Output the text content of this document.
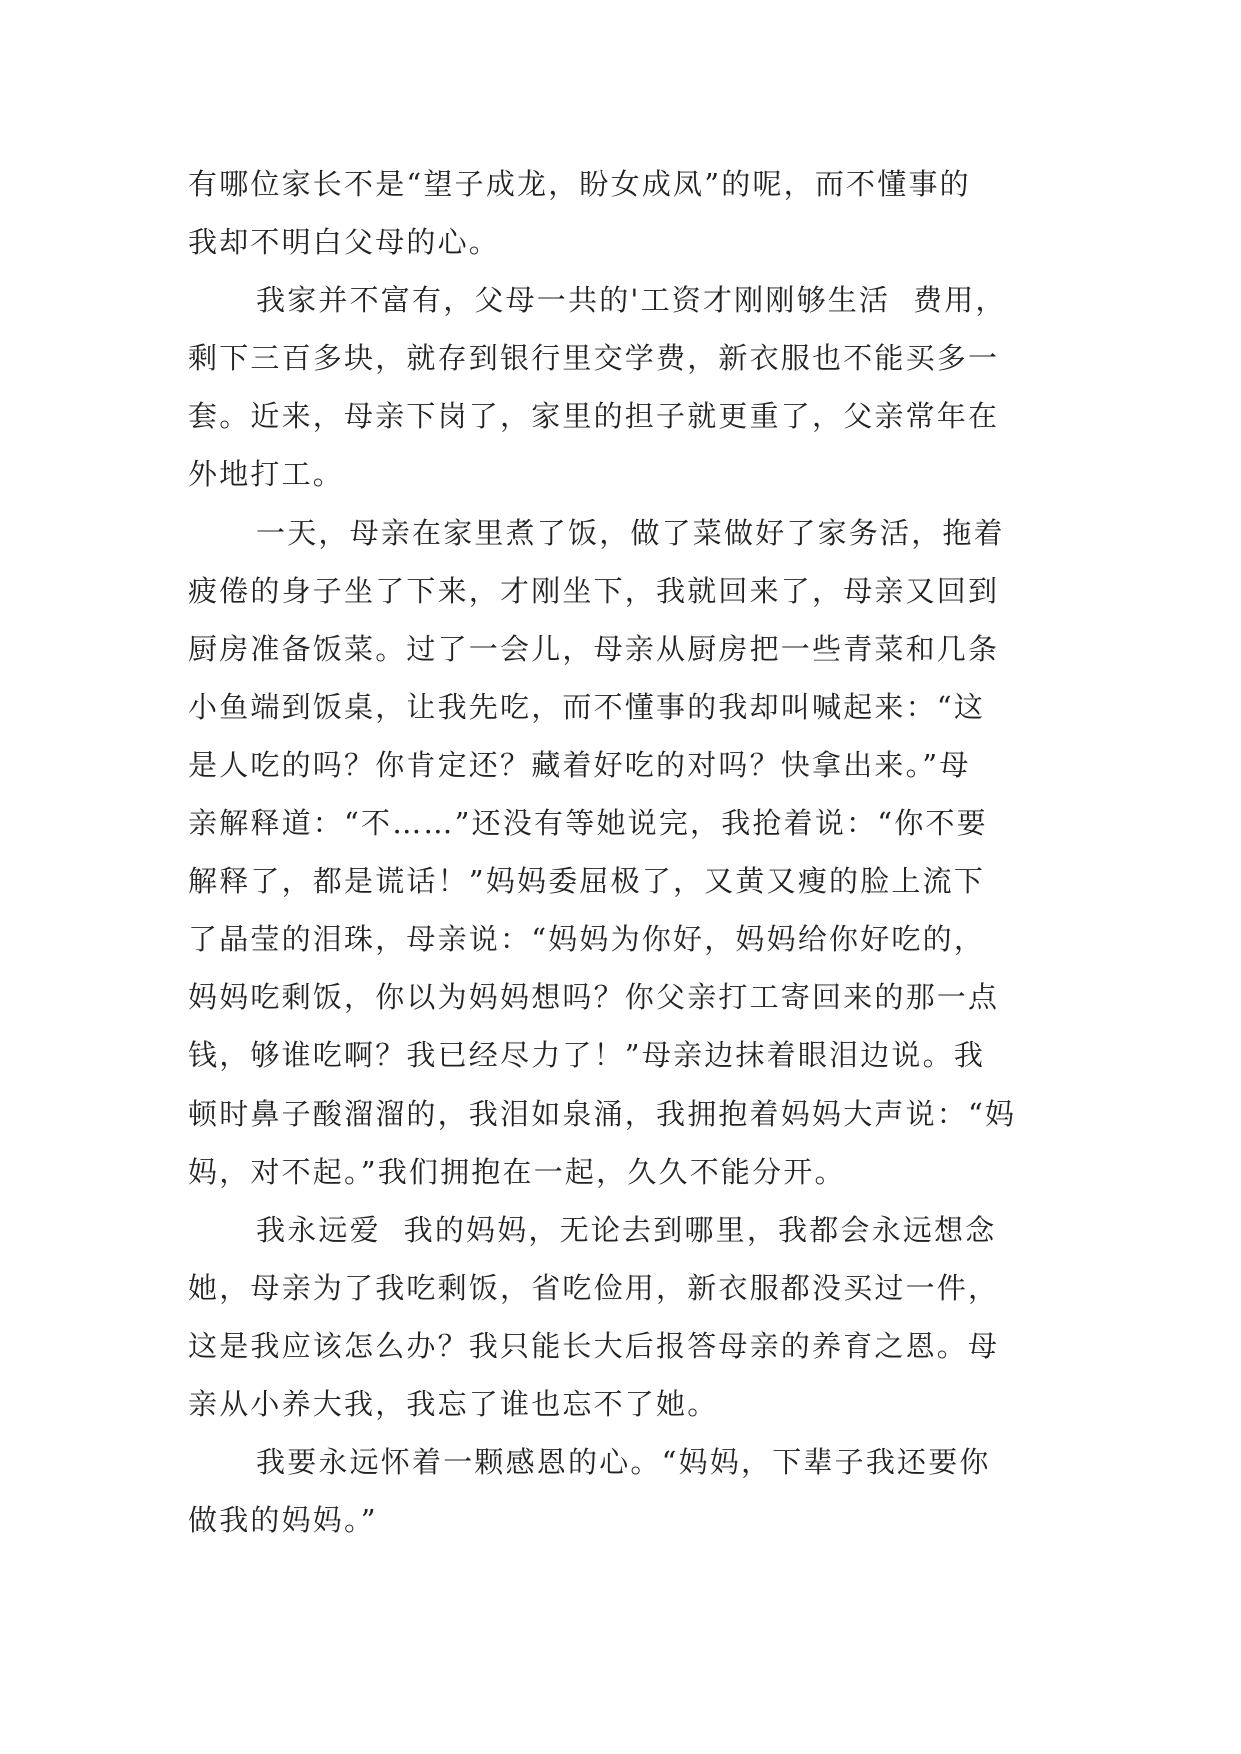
有哪位家长不是“望子成龙，盼女成凤”的呢，而不懂事的
我却不明白父母的心。
我家并不富有，父母一共的'工资才刚刚够生活  费用，
剩下三百多块，就存到银行里交学费，新衣服也不能买多一
套。近来，母亲下岗了，家里的担子就更重了，父亲常年在
外地打工。
一天，母亲在家里煮了饭，做了菜做好了家务活，拖着
疲倦的身子坐了下来，才刚坐下，我就回来了，母亲又回到
厨房准备饭菜。过了一会儿，母亲从厨房把一些青菜和几条
小鱼端到饭桌，让我先吃，而不懂事的我却叫喊起来：“这
是人吃的吗？你肯定还？藏着好吃的对吗？快拿出来。”母
亲解释道：“不……”还没有等她说完，我抢着说：“你不要
解释了，都是谎话！”妈妈委屈极了，又黄又瘦的脸上流下
了晶莹的泪珠，母亲说：“妈妈为你好，妈妈给你好吃的，
妈妈吃剩饭，你以为妈妈想吗？你父亲打工寄回来的那一点
钱，够谁吃啊？我已经尽力了！”母亲边抹着眼泪边说。我
顿时鼻子酸溜溜的，我泪如泉涌，我拥抱着妈妈大声说：“妈
妈，对不起。”我们拥抱在一起，久久不能分开。
我永远爱  我的妈妈，无论去到哪里，我都会永远想念
她，母亲为了我吃剩饭，省吃俭用，新衣服都没买过一件，
这是我应该怎么办？我只能长大后报答母亲的养育之恩。母
亲从小养大我，我忘了谁也忘不了她。
我要永远怀着一颗感恩的心。“妈妈，下辈子我还要你
做我的妈妈。”
